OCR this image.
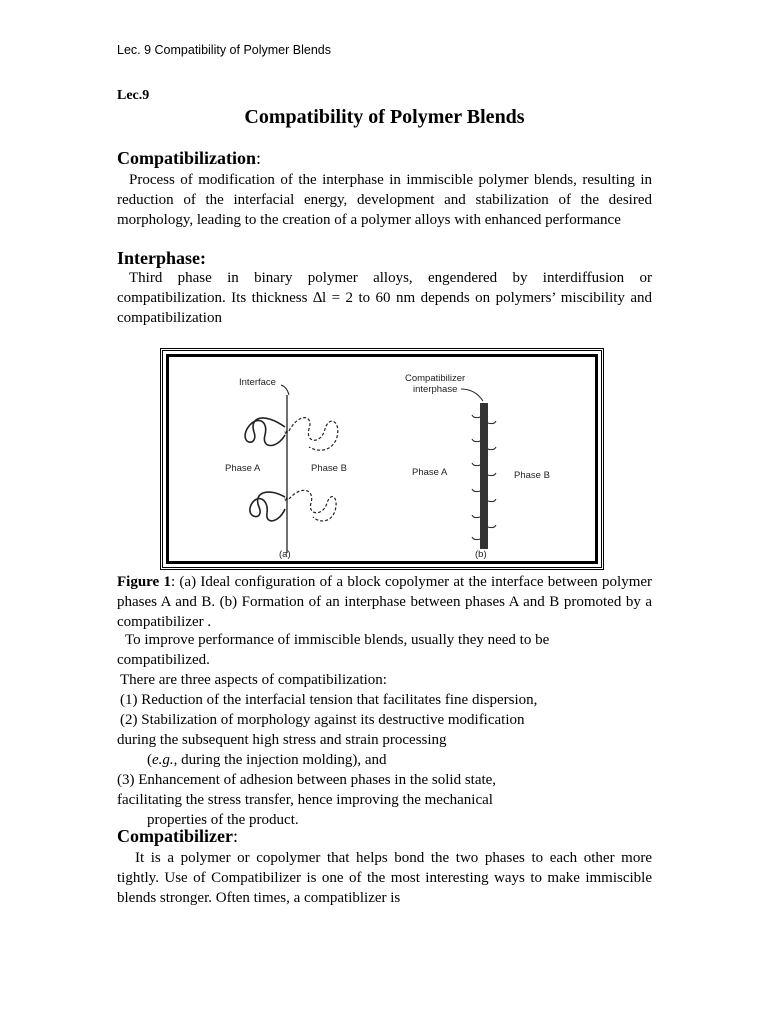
Lec. 9 Compatibility of Polymer Blends
Lec.9
Compatibility of Polymer Blends
Compatibilization:

Process of modification of the interphase in immiscible polymer blends, resulting in reduction of the interfacial energy, development and stabilization of the desired morphology, leading to the creation of a polymer alloys with enhanced performance

Interphase:

Third phase in binary polymer alloys, engendered by interdiffusion or compatibilization. Its thickness ∆l = 2 to 60 nm depends on polymers’ miscibility and compatibilization

Interface
Phase A	Phase B
*
*
(a)
Compatibilizer
interphase
Phase A	Phase B
(b)

Figure 1: (a) Ideal configuration of a block copolymer at the interface between polymer phases A and B. (b) Formation of an interphase between phases A and B promoted by a compatibilizer .

To improve performance of immiscible blends, usually they need to be

compatibilized.

There are three aspects of compatibilization:

(1) Reduction of the interfacial tension that facilitates fine dispersion,

(2) Stabilization of morphology against its destructive modification

during the subsequent high stress and strain processing

(e.g., during the injection molding), and

(3) Enhancement of adhesion between phases in the solid state,

facilitating the stress transfer, hence improving the mechanical

properties of the product.

Compatibilizer:

It is a polymer or copolymer that helps bond the two phases to each other more tightly. Use of Compatibilizer is one of the most interesting ways to make immiscible blends stronger. Often times, a compatiblizer is
